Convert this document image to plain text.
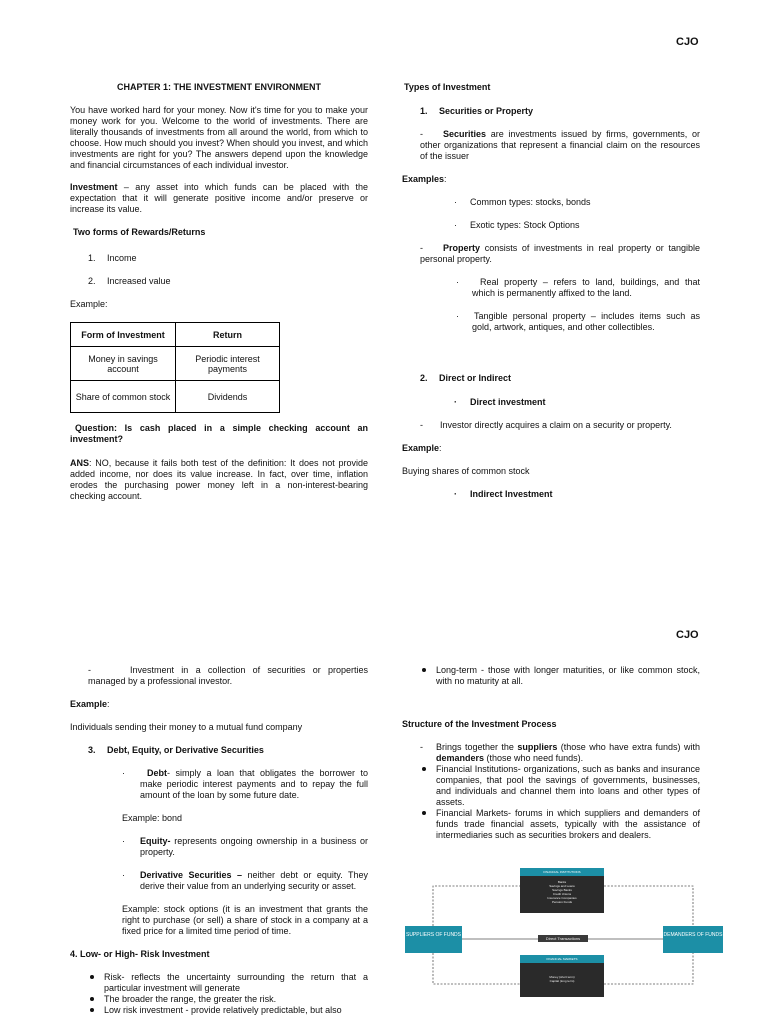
CJO
CJO

CHAPTER 1: THE INVESTMENT ENVIRONMENT

You have worked hard for your money. Now it's time for you to make your money work for you. Welcome to the world of investments. There are literally thousands of investments from all around the world, from which to choose. How much should you invest? When should you invest, and which investments are right for you? The answers depend upon the knowledge and financial circumstances of each individual investor.

Investment – any asset into which funds can be placed with the expectation that it will generate positive income and/or preserve or increase its value.

Two forms of Rewards/Returns

1. Income

2. Increased value

Example:

Form of Investment	Return
Money in savings account	Periodic interest payments
Share of common stock	Dividends

Question: Is cash placed in a simple checking account an investment?

ANS: NO, because it fails both test of the definition: It does not provide added income, nor does its value increase. In fact, over time, inflation erodes the purchasing power money left in a non-interest-bearing checking account.

Types of Investment

1. Securities or Property

- Securities are investments issued by firms, governments, or other organizations that represent a financial claim on the resources of the issuer

Examples:

· Common types: stocks, bonds

· Exotic types: Stock Options

- Property consists of investments in real property or tangible personal property.

·	Real property – refers to land, buildings, and that which is permanently affixed to the land.

· Tangible personal property – includes items such as gold, artwork, antiques, and other collectibles.

2. Direct or Indirect

· Direct investment

- Investor directly acquires a claim on a security or property.

Example:

Buying shares of common stock

· Indirect Investment

-	Investment in a collection of securities or properties managed by a professional investor.

Example:

Individuals sending their money to a mutual fund company

3. Debt, Equity, or Derivative Securities

·	Debt- simply a loan that obligates the borrower to make periodic interest payments and to repay the full amount of the loan by some future date.

Example: bond

· Equity- represents ongoing ownership in a business or property.

· Derivative Securities – neither debt or equity. They derive their value from an underlying security or asset.

Example: stock options (it is an investment that grants the right to purchase (or sell) a share of stock in a company at a fixed price for a limited time period of time.

4. Low- or High- Risk Investment

Risk- reflects the uncertainty surrounding the return that a particular investment will generate

The broader the range, the greater the risk.

Low risk investment - provide relatively predictable, but also

Long-term - those with longer maturities, or like common stock, with no maturity at all.

Structure of the Investment Process

- Brings together the suppliers (those who have extra funds) with demanders (those who need funds).

Financial Institutions- organizations, such as banks and insurance companies, that pool the savings of governments, businesses, and individuals and channel them into loans and other types of assets.

Financial Markets- forums in which suppliers and demanders of funds trade financial assets, typically with the assistance of intermediaries such as securities brokers and dealers.

FINANCIAL INSTITUTIONS
Banks
Savings and Loans
Savings Banks
Credit Unions
Insurance Companies
Pension Funds
SUPPLIERS OF FUNDS	DEMANDERS OF FUNDS
Direct Transactions
FINANCIAL MARKETS
Money (short term)
Capital (long term)
